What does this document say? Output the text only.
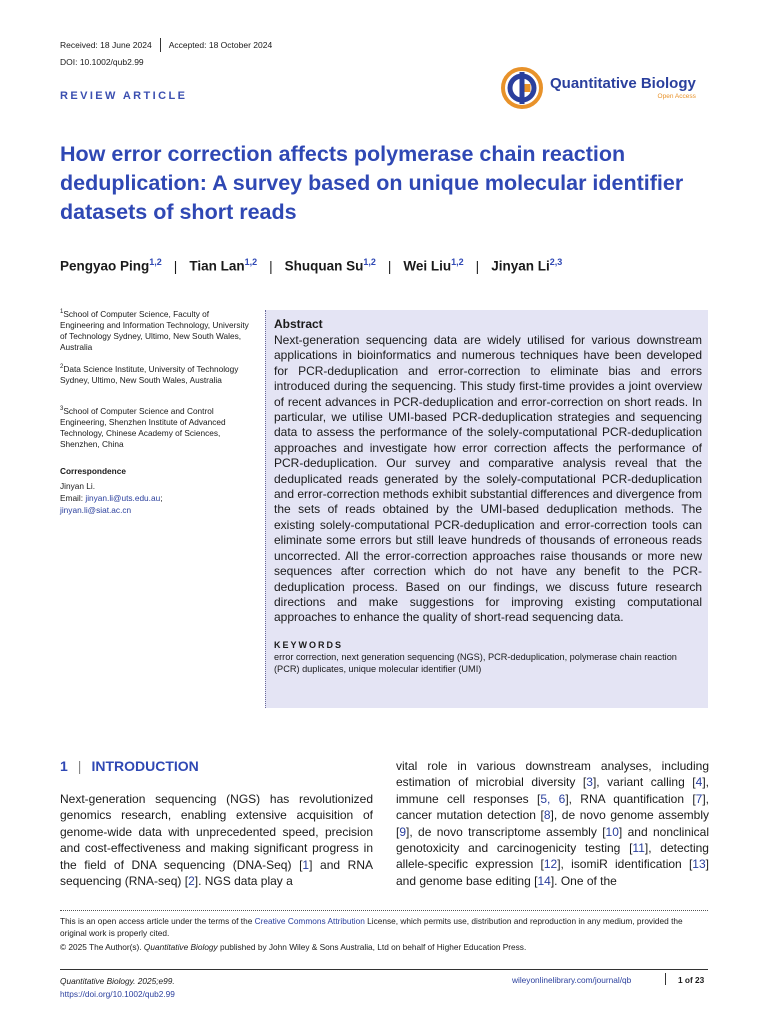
Received: 18 June 2024 Accepted: 18 October 2024
DOI: 10.1002/qub2.99
REVIEW ARTICLE
Quantitative Biology
Open Access
How error correction affects polymerase chain reaction deduplication: A survey based on unique molecular identifier datasets of short reads
Pengyao Ping$^{1,2}$ | Tian Lan$^{1,2}$ | Shuquan Su$^{1,2}$ | Wei Liu$^{1,2}$ | Jinyan Li$^{2,3}$
$^1$School of Computer Science, Faculty of Engineering and Information Technology, University of Technology Sydney, Ultimo, New South Wales, Australia
$^2$Data Science Institute, University of Technology Sydney, Ultimo, New South Wales, Australia
$^3$School of Computer Science and Control Engineering, Shenzhen Institute of Advanced Technology, Chinese Academy of Sciences, Shenzhen, China
Correspondence
Jinyan Li.
Email: jinyan.li@uts.edu.au;
jinyan.li@siat.ac.cn
Abstract
Next-generation sequencing data are widely utilised for various downstream applications in bioinformatics and numerous techniques have been developed for PCR-deduplication and error-correction to eliminate bias and errors introduced during the sequencing. This study first-time provides a joint overview of recent advances in PCR-deduplication and error-correction on short reads. In particular, we utilise UMI-based PCR-deduplication strategies and sequencing data to assess the performance of the solely-computational PCR-deduplication approaches and investigate how error correction affects the performance of PCR-deduplication. Our survey and comparative analysis reveal that the deduplicated reads generated by the solely-computational PCR-deduplication and error-correction methods exhibit substantial differences and divergence from the sets of reads obtained by the UMI-based deduplication methods. The existing solely-computational PCR-deduplication and error-correction tools can eliminate some errors but still leave hundreds of thousands of erroneous reads uncorrected. All the error-correction approaches raise thousands or more new sequences after correction which do not have any benefit to the PCR-deduplication process. Based on our findings, we discuss future research directions and make suggestions for improving existing computational approaches to enhance the quality of short-read sequencing data.
KEYWORDS
error correction, next generation sequencing (NGS), PCR-deduplication, polymerase chain reaction (PCR) duplicates, unique molecular identifier (UMI)
1 | INTRODUCTION
Next-generation sequencing (NGS) has revolutionized genomics research, enabling extensive acquisition of genome-wide data with unprecedented speed, precision and cost-effectiveness and making significant progress in the field of DNA sequencing (DNA-Seq) [1] and RNA sequencing (RNA-seq) [2]. NGS data play a
vital role in various downstream analyses, including estimation of microbial diversity [3], variant calling [4], immune cell responses [5, 6], RNA quantification [7], cancer mutation detection [8], de novo genome assembly [9], de novo transcriptome assembly [10] and nonclinical genotoxicity and carcinogenicity testing [11], detecting allele-specific expression [12], isomiR identification [13] and genome base editing [14]. One of the
This is an open access article under the terms of the Creative Commons Attribution License, which permits use, distribution and reproduction in any medium, provided the original work is properly cited.
© 2025 The Author(s). Quantitative Biology published by John Wiley & Sons Australia, Ltd on behalf of Higher Education Press.
Quantitative Biology. 2025;e99.
https://doi.org/10.1002/qub2.99
wileyonlinelibrary.com/journal/qb	1 of 23
